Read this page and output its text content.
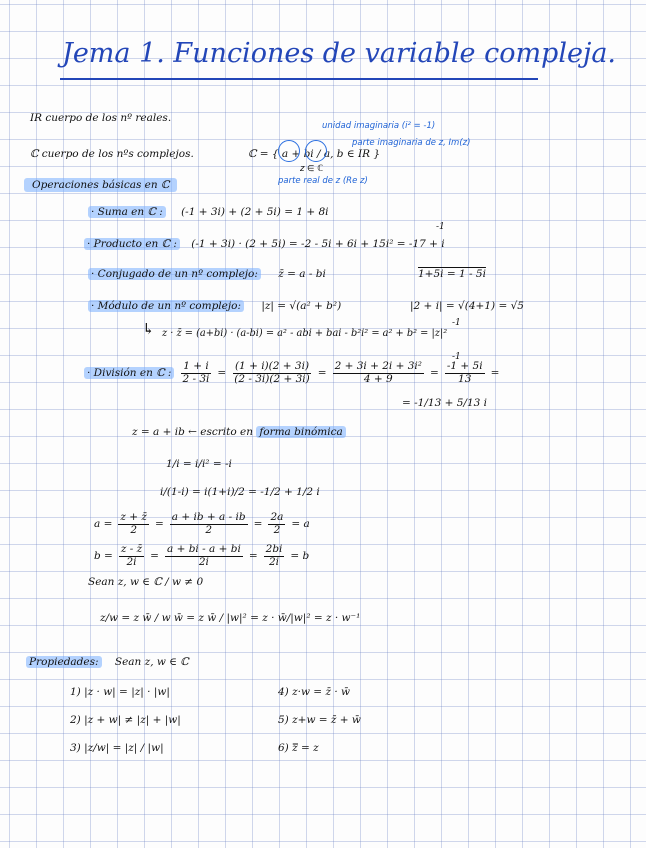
Jema 1. Funciones de variable compleja.
IR cuerpo de los nº reales.
unidad imaginaria (i² = -1)
parte imaginaria de z, Im(z)
ℂ cuerpo de los nºs complejos.	ℂ = { a + bi / a, b ∈ IR }
z ∈ ℂ
parte real de z (Re z)
Operaciones básicas en ℂ
· Suma en ℂ : (-1 + 3i) + (2 + 5i) = 1 + 8i
-1
· Producto en ℂ : (-1 + 3i) · (2 + 5i) = -2 - 5i + 6i + 15i² = -17 + i
· Conjugado de un nº complejo: z̄ = a - bi	1+5i = 1 - 5i
· Módulo de un nº complejo: |z| = √(a² + b²)	|2 + i| = √(4+1) = √5
-1
↳ z · z̄ = (a+bi) · (a-bi) = a² - abi + bai - b²i² = a² + b² = |z|²
-1
· División en ℂ : $\frac{1 + i}{2 - 3i} = \frac{(1 + i)(2 + 3i)}{(2 - 3i)(2 + 3i)} = \frac{\text{2 + 3i + 2i + 3i²}}{4 + 9} = \frac{-1 + 5i}{13}$ =
= -1/13 + 5/13 i
z = a + ib ← escrito en forma binómica
1/i = i/i² = -i
i/(1-i) = i(1+i)/2 = -1/2 + 1/2 i
$a = \frac{z + z̄}{2} = \frac{a + ib + a - ib}{2} = \frac{2a}{2} = a$
$b = \frac{z - z̄}{2i} = \frac{a + bi - a + bi}{2i} = \frac{2bi}{2i} = b$
Sean z, w ∈ ℂ / w ≠ 0
z/w = z w̄ / w w̄ = z w̄ / |w|² = z · w̄/|w|² = z · w⁻¹
Propiedades: Sean z, w ∈ ℂ
1) |z · w| = |z| · |w|
2) |z + w| ≠ |z| + |w|
3) |z/w| = |z| / |w|
4) z·w = z̄ · w̄
5) z+w = z̄ + w̄
6) z̿ = z
